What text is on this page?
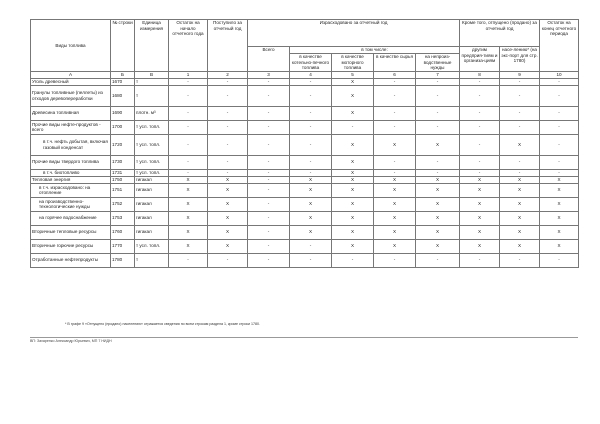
Виды топлива	№ строки	Единица измерения	Остаток на начало отчетного года	Поступило за отчетный год	Израсходовано за отчетный год					Кроме того, отпущено (продано) за отчетный год		Остаток на конец отчетного периода
					Всего	в том числе:				другим предприя-тиям и организа-циям	насе-лению* (на экс-порт для стр. 1780)	
						в качестве котельно-печного топлива	в качестве моторного топлива	в качестве сырья	на непроиз-водственные нужды			

А	Б	В	1	2	3	4	5	6	7	8	9	10
Уголь древесный	1670	т	-	-	-	-	X	-	-	-	-	-
Гранулы топливные (пеллеты) из отходов деревопереработки	1680	т	-	-	-	-	X	-	-	-	-	-
Древесина топливная	1690	плотн. м³	-	-	-	-	X	-	-	-	-	-
Прочие виды нефте-продуктов - всего	1700	т усл. топл.	-	-	-	-	-	-	-	-	-	-
в т.ч. нефть добытая, включая газовый конденсат	1720	т усл. топл.	-	-	-	-	X	X	X	-	X	-
Прочие виды твердого топлива	1730	т усл. топл.	-	-	-	-	X	-	-	-	-	-
в т.ч. биотопливо	1731	т усл. топл.	-	-	-	-	X	-	-	-	-	-
Тепловая энергия	1750	гигакал	X	X	-	X	X	X	X	X	X	X
в т.ч. израсходовано: на отопление	1751	гигакал	X	X	-	X	X	X	X	X	X	X
на производственно-технологические нужды	1752	гигакал	X	X	-	X	X	X	X	X	X	X
на горячее водоснабжение	1753	гигакал	X	X	-	X	X	X	X	X	X	X
Вторичные тепловые ресурсы	1760	гигакал	X	X	-	X	X	X	X	X	X	X
Вторичные горючие ресурсы	1770	т усл. топл.	X	X	-	-	X	X	X	X	X	X
Отработанные нефтепродукты	1780	т	-	-	-	-	-	-	-	-	-	-
* В графе 9 «Отпущено (продано) населению» отражается сведения по всем строкам раздела 1, кроме строки 1780.
ВП: Захаренко Александр Юрьевич, МП 7 НИДН
